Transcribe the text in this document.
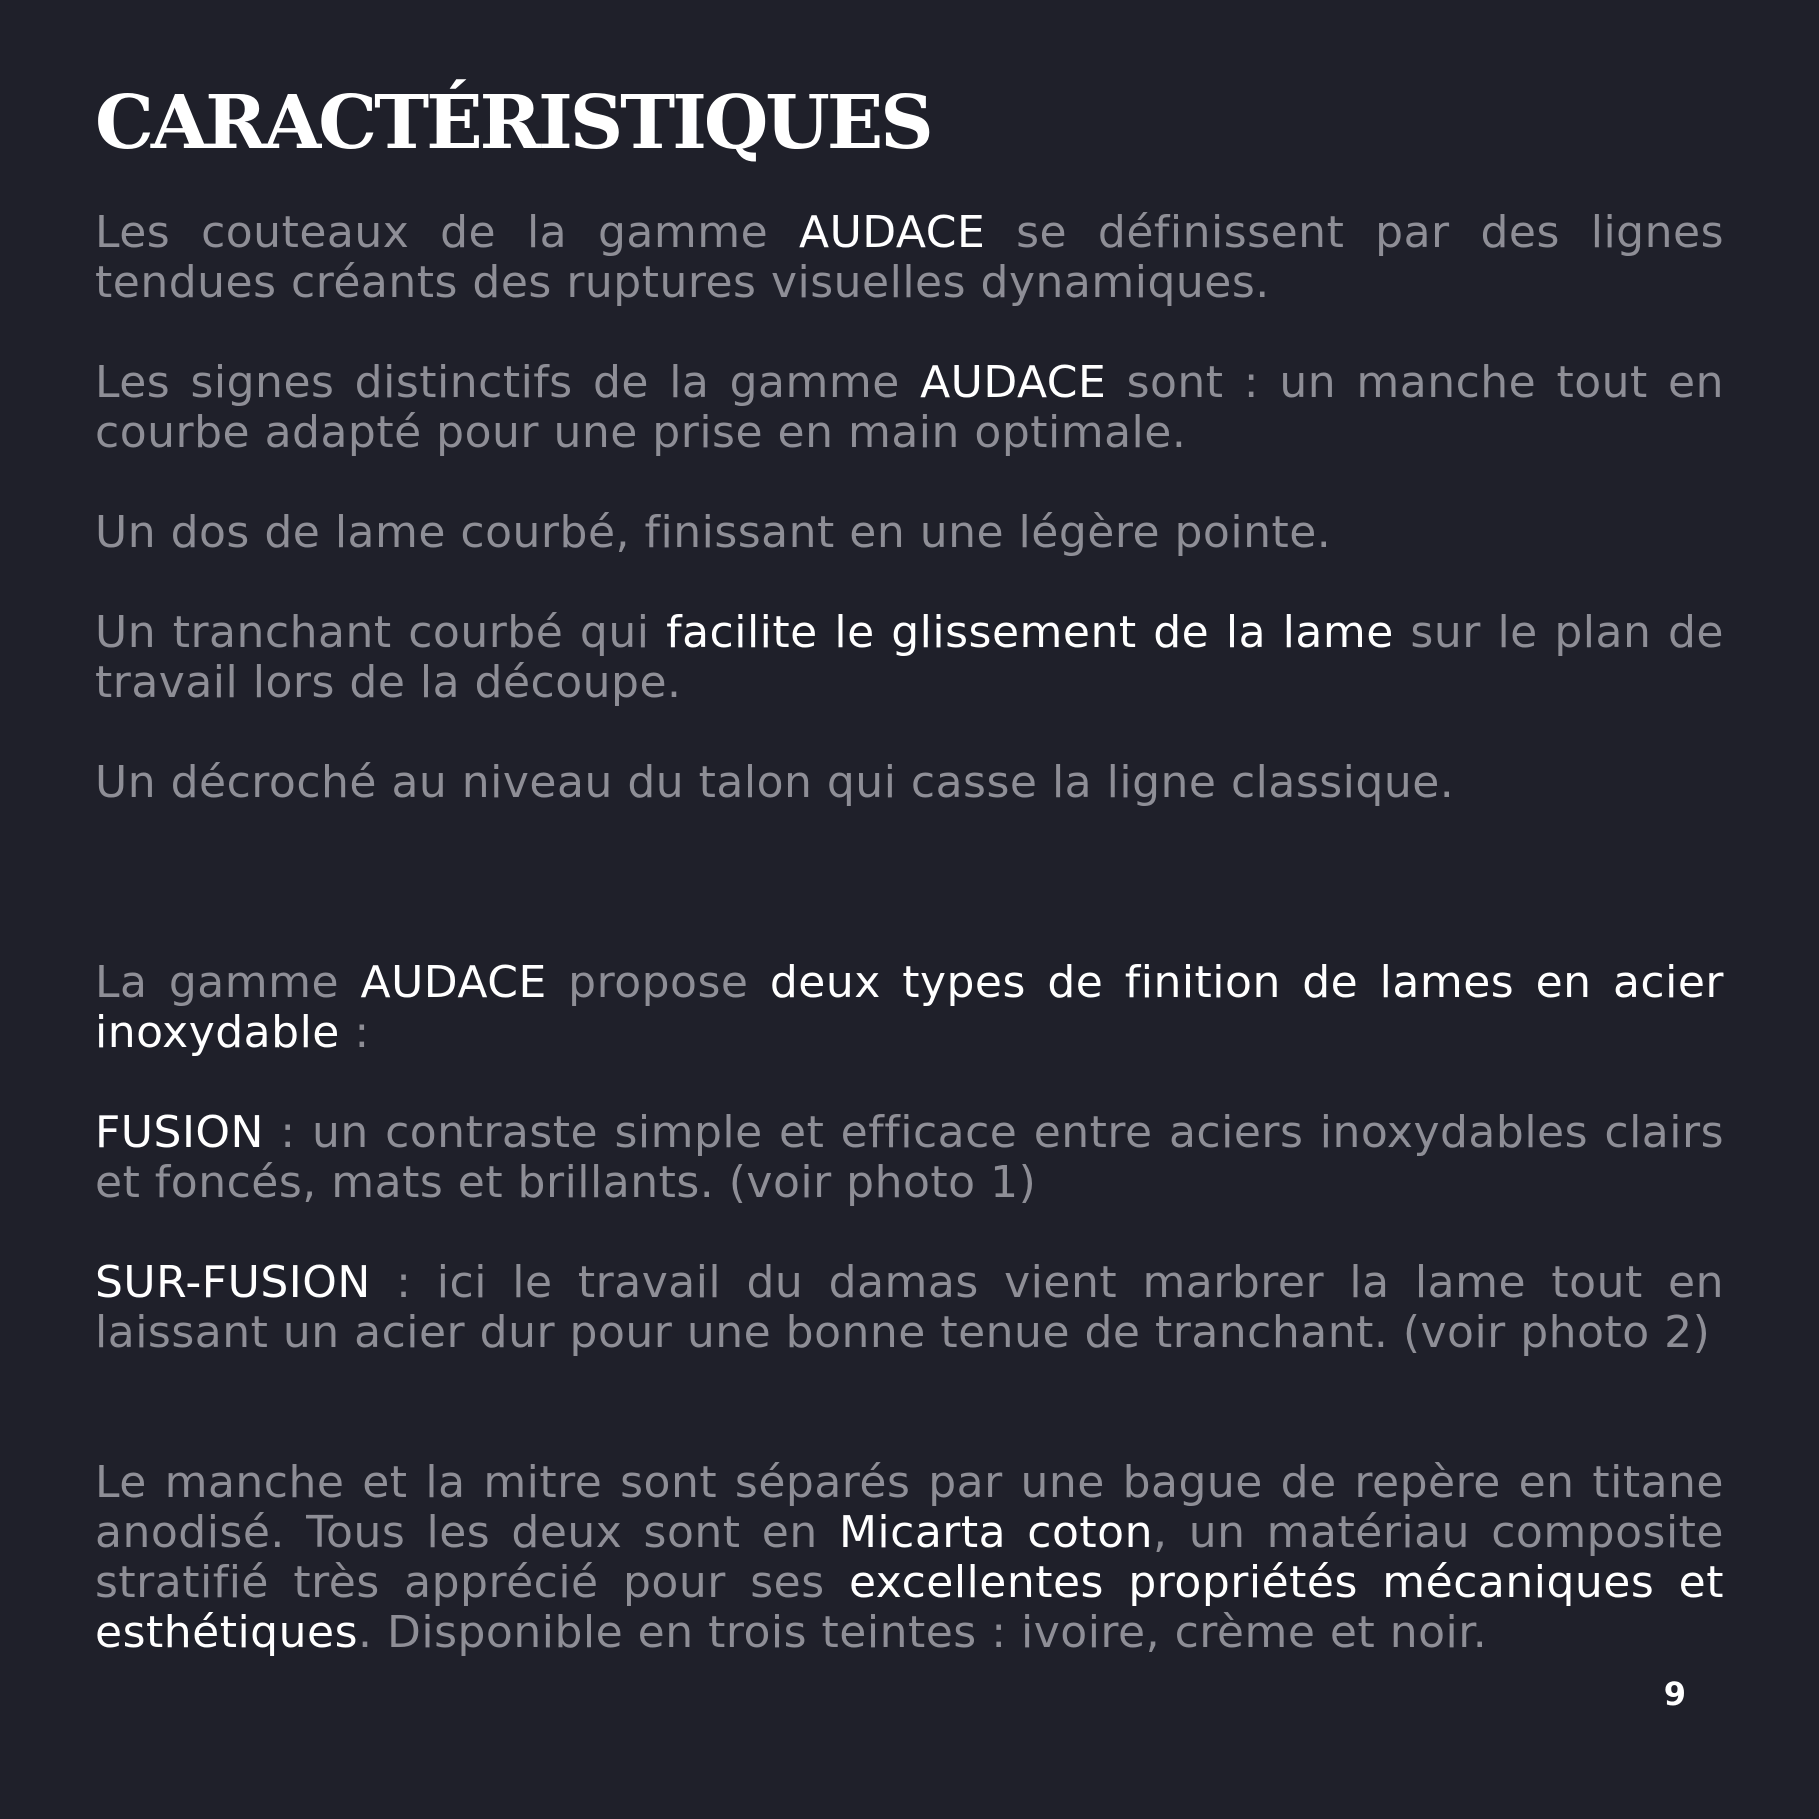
CARACTÉRISTIQUES

Les couteaux de la gamme AUDACE se définissent par des lignes tendues créants des ruptures visuelles dynamiques.

Les signes distinctifs de la gamme AUDACE sont : un manche tout en courbe adapté pour une prise en main optimale.

Un dos de lame courbé, finissant en une légère pointe.

Un tranchant courbé qui facilite le glissement de la lame sur le plan de travail lors de la découpe.

Un décroché au niveau du talon qui casse la ligne classique.

La gamme AUDACE propose deux types de finition de lames en acier inoxydable :

FUSION : un contraste simple et efficace entre aciers inoxydables clairs et foncés, mats et brillants. (voir photo 1)

SUR-FUSION : ici le travail du damas vient marbrer la lame tout en laissant un acier dur pour une bonne tenue de tranchant. (voir photo 2)

Le manche et la mitre sont séparés par une bague de repère en titane anodisé. Tous les deux sont en Micarta coton, un matériau composite stratifié très apprécié pour ses excellentes propriétés mécaniques et esthétiques. Disponible en trois teintes : ivoire, crème et noir.

9
